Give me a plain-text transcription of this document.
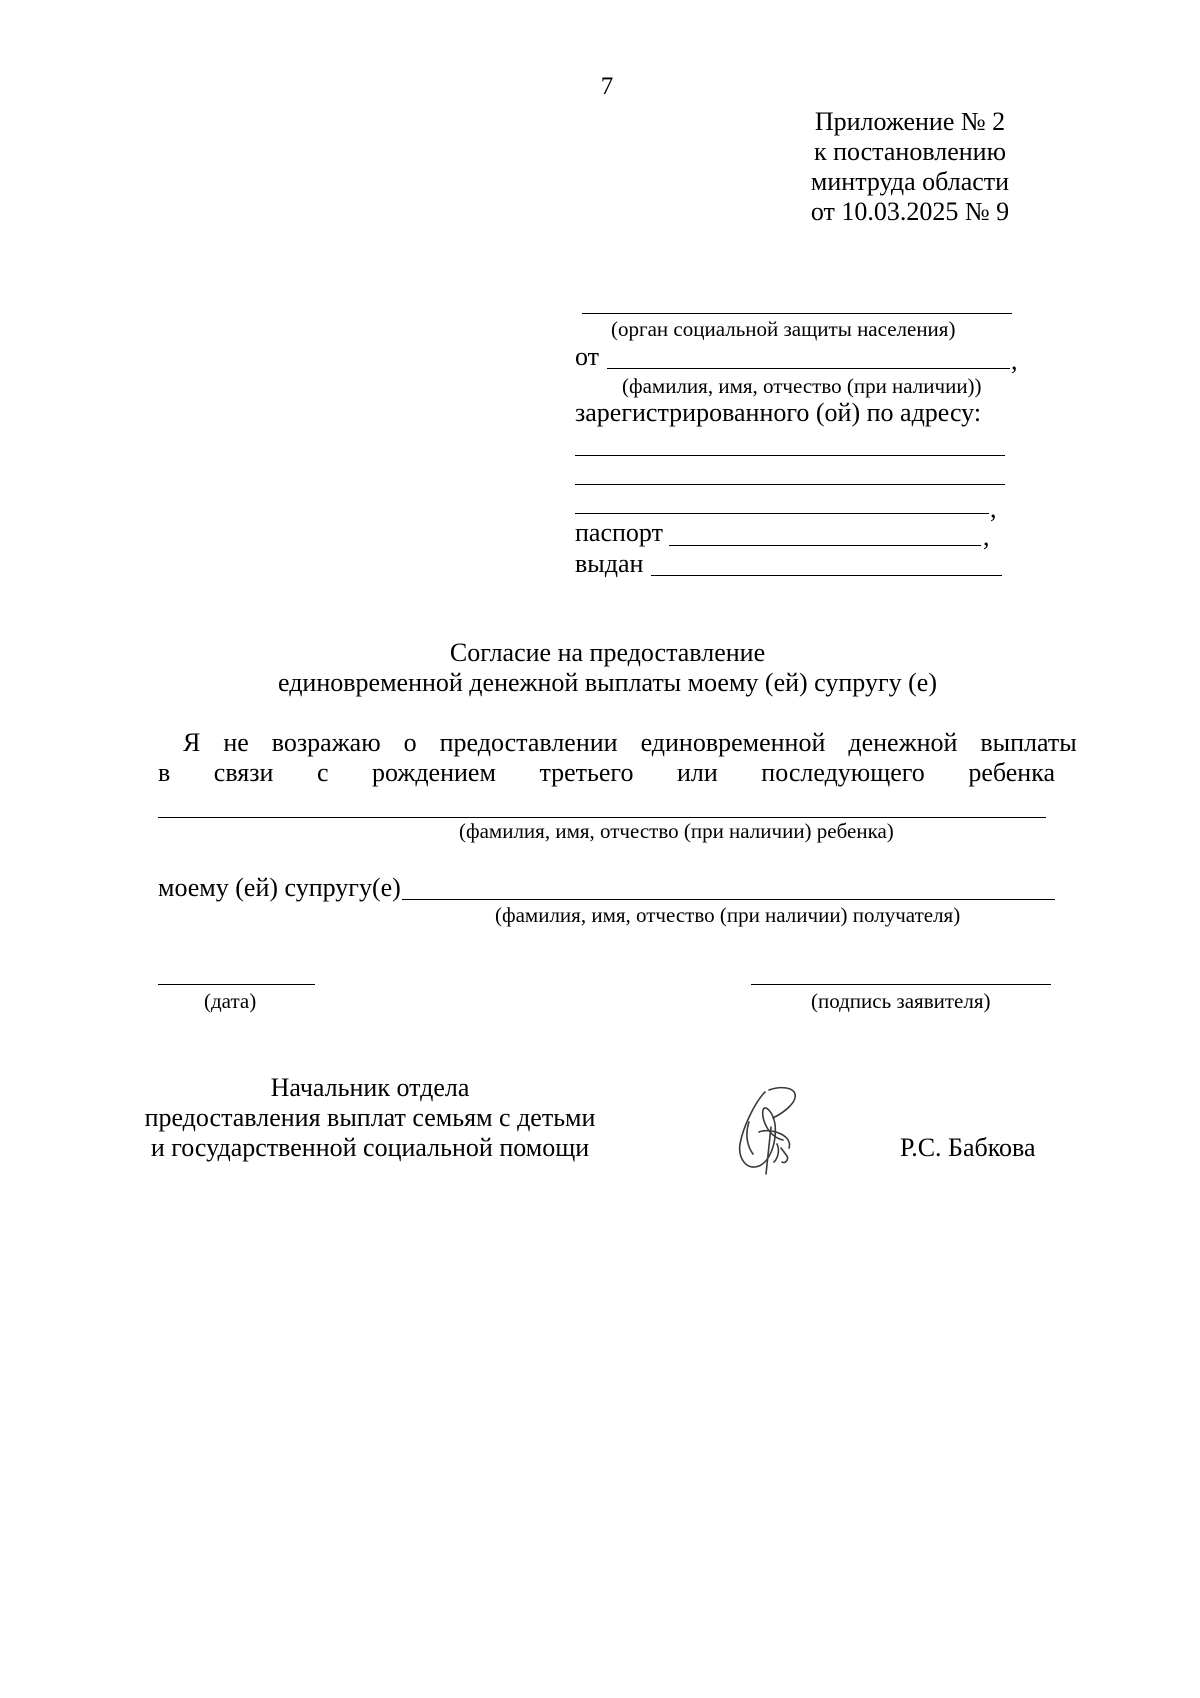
7
Приложение № 2
к постановлению
минтруда области
от 10.03.2025 № 9
(орган социальной защиты населения)
от	,
(фамилия, имя, отчество (при наличии))
зарегистрированного (ой) по адресу:
,
паспорт	,
выдан
Согласие на предоставление
единовременной денежной выплаты моему (ей) супругу (е)
Я  не  возражаю  о  предоставлении  единовременной  денежной  выплаты
в связи с рождением третьего или последующего ребенка
(фамилия, имя, отчество (при наличии) ребенка)
моему (ей) супругу(е)
(фамилия, имя, отчество (при наличии) получателя)
(дата)	(подпись заявителя)
Начальник отдела
предоставления выплат семьям с детьми
и государственной социальной помощи	Р.С. Бабкова
